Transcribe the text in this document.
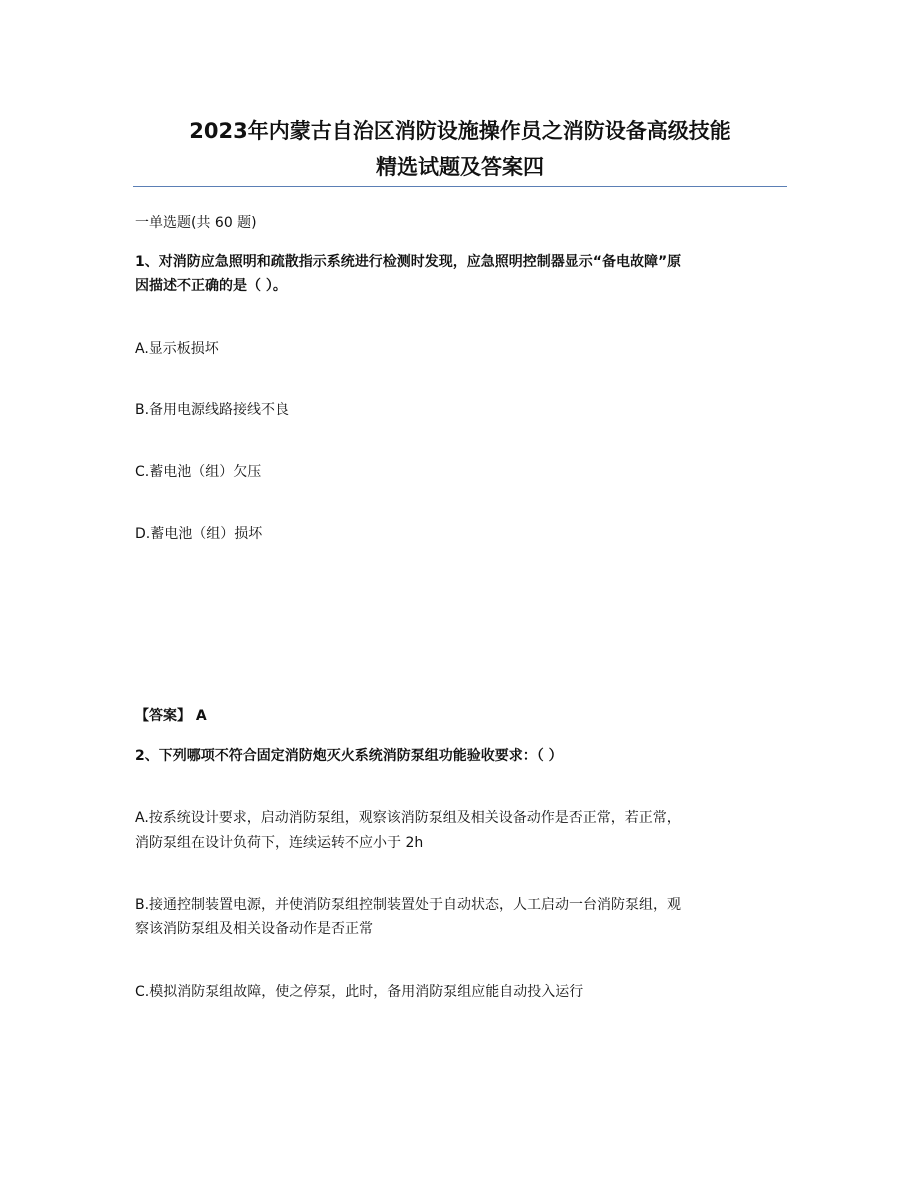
2023年内蒙古自治区消防设施操作员之消防设备高级技能
精选试题及答案四
一单选题(共 60 题)
1、对消防应急照明和疏散指示系统进行检测时发现，应急照明控制器显示“备电故障”原
因描述不正确的是（ ）。
A.显示板损坏
B.备用电源线路接线不良
C.蓄电池（组）欠压
D.蓄电池（组）损坏
【答案】 A
2、下列哪项不符合固定消防炮灭火系统消防泵组功能验收要求：（ ）
A.按系统设计要求，启动消防泵组，观察该消防泵组及相关设备动作是否正常，若正常，
消防泵组在设计负荷下，连续运转不应小于 2h
B.接通控制装置电源，并使消防泵组控制装置处于自动状态，人工启动一台消防泵组，观
察该消防泵组及相关设备动作是否正常
C.模拟消防泵组故障，使之停泵，此时，备用消防泵组应能自动投入运行
